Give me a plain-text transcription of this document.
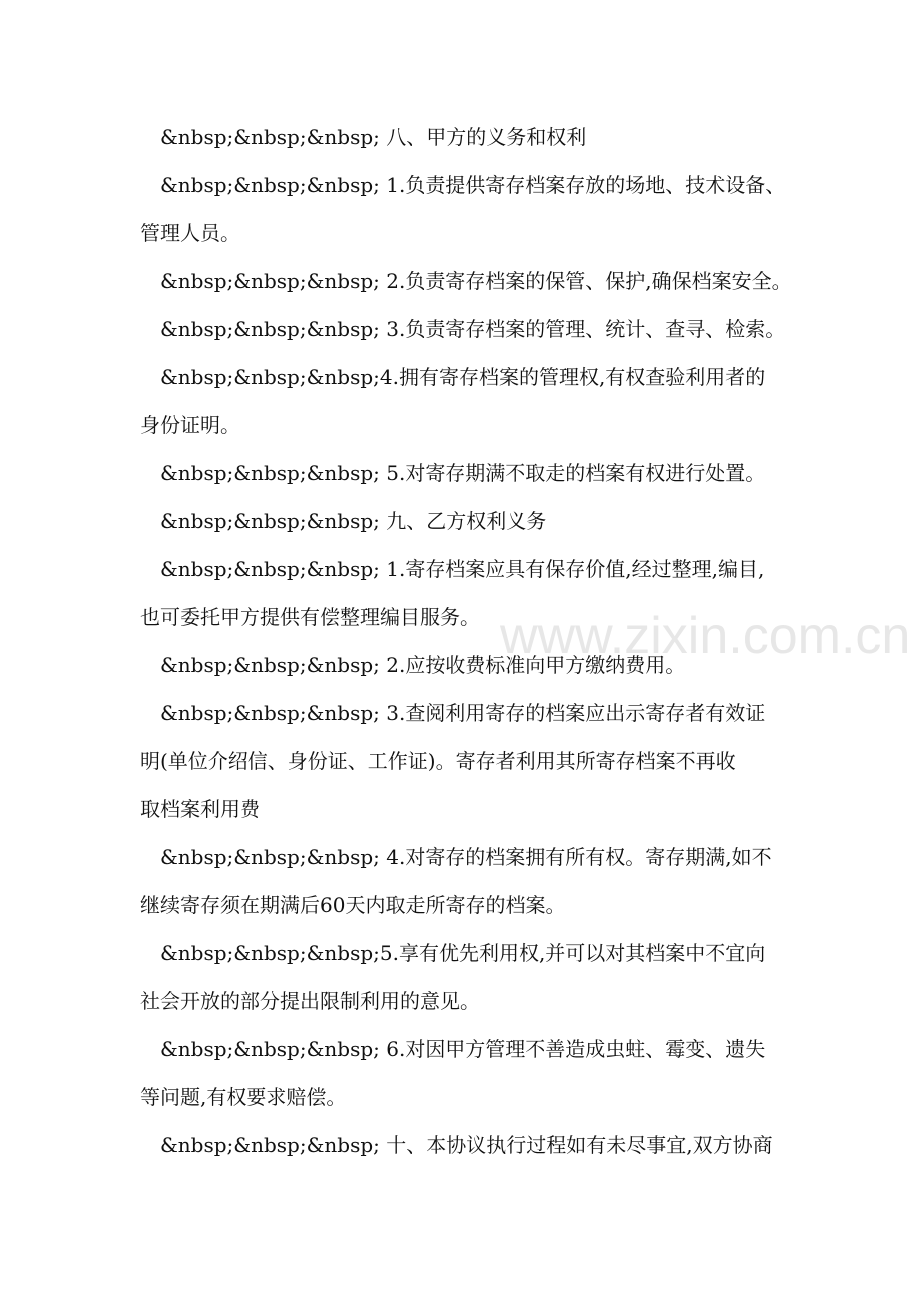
&nbsp;&nbsp;&nbsp; 八、甲方的义务和权利
&nbsp;&nbsp;&nbsp; 1.负责提供寄存档案存放的场地、技术设备、
管理人员。
&nbsp;&nbsp;&nbsp; 2.负责寄存档案的保管、保护,确保档案安全。
&nbsp;&nbsp;&nbsp; 3.负责寄存档案的管理、统计、查寻、检索。
&nbsp;&nbsp;&nbsp;4.拥有寄存档案的管理权,有权查验利用者的
身份证明。
&nbsp;&nbsp;&nbsp; 5.对寄存期满不取走的档案有权进行处置。
&nbsp;&nbsp;&nbsp; 九、乙方权利义务
&nbsp;&nbsp;&nbsp; 1.寄存档案应具有保存价值,经过整理,编目,
也可委托甲方提供有偿整理编目服务。
&nbsp;&nbsp;&nbsp; 2.应按收费标准向甲方缴纳费用。
&nbsp;&nbsp;&nbsp; 3.查阅利用寄存的档案应出示寄存者有效证
明(单位介绍信、身份证、工作证)。寄存者利用其所寄存档案不再收
取档案利用费
&nbsp;&nbsp;&nbsp; 4.对寄存的档案拥有所有权。寄存期满,如不
继续寄存须在期满后60天内取走所寄存的档案。
&nbsp;&nbsp;&nbsp;5.享有优先利用权,并可以对其档案中不宜向
社会开放的部分提出限制利用的意见。
&nbsp;&nbsp;&nbsp; 6.对因甲方管理不善造成虫蛀、霉变、遗失
等问题,有权要求赔偿。
&nbsp;&nbsp;&nbsp; 十、本协议执行过程如有未尽事宜,双方协商
www.zixin.com.cn
